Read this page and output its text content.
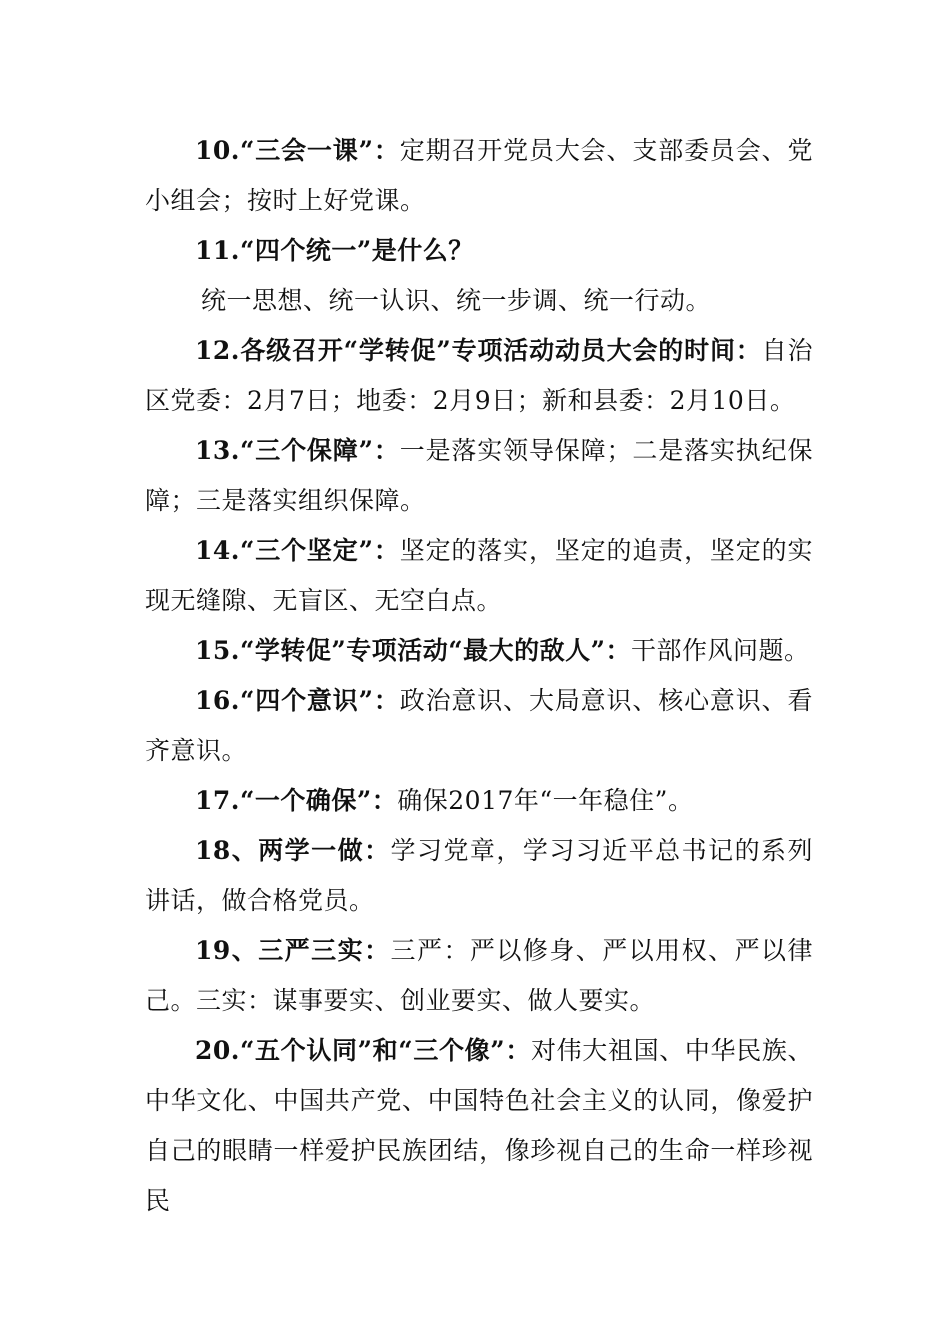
10.“三会一课”：定期召开党员大会、支部委员会、党小组会；按时上好党课。

11.“四个统一”是什么？

统一思想、统一认识、统一步调、统一行动。

12.各级召开“学转促”专项活动动员大会的时间：自治区党委：2月7日；地委：2月9日；新和县委：2月10日。

13.“三个保障”：一是落实领导保障；二是落实执纪保障；三是落实组织保障。

14.“三个坚定”：坚定的落实，坚定的追责，坚定的实现无缝隙、无盲区、无空白点。

15.“学转促”专项活动“最大的敌人”：干部作风问题。

16.“四个意识”：政治意识、大局意识、核心意识、看齐意识。

17.“一个确保”：确保2017年“一年稳住”。

18、两学一做：学习党章，学习习近平总书记的系列讲话，做合格党员。

19、三严三实：三严：严以修身、严以用权、严以律己。三实：谋事要实、创业要实、做人要实。

20.“五个认同”和“三个像”：对伟大祖国、中华民族、中华文化、中国共产党、中国特色社会主义的认同，像爱护自己的眼睛一样爱护民族团结，像珍视自己的生命一样珍视民
